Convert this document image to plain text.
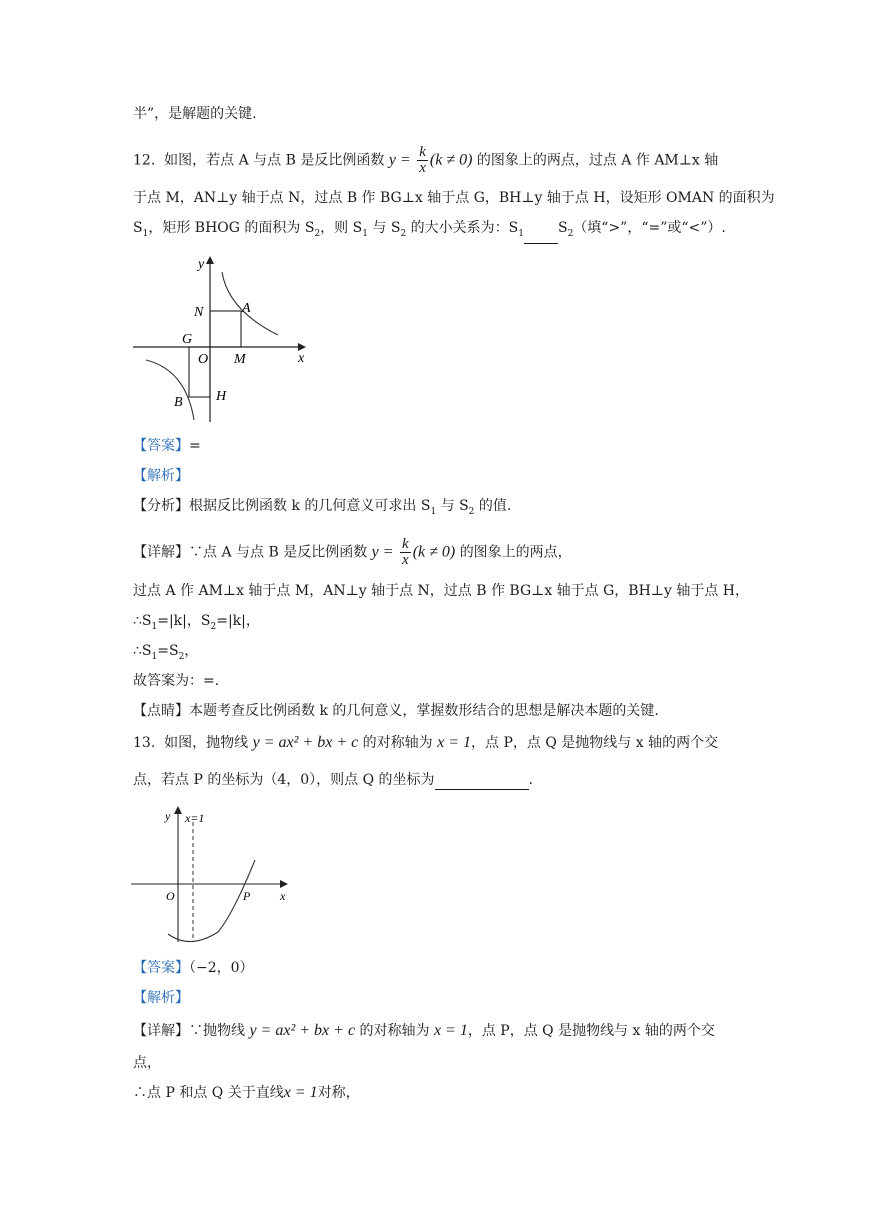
半”，是解题的关键.
12. 如图，若点 A 与点 B 是反比例函数 $y = \frac{k}{x} (k \ne 0)$ 的图象上的两点，过点 A 作 AM⊥x 轴
于点 M，AN⊥y 轴于点 N，过点 B 作 BG⊥x 轴于点 G，BH⊥y 轴于点 H，设矩形 OMAN 的面积为
$S_1$，矩形 BHOG 的面积为 $S_2$，则 $S_1$ 与 $S_2$ 的大小关系为：$S_1$ $S_2$（填“>”，“=”或“<”）.
y
x
N	A
G
O M
B H
【答案】=
【解析】
【分析】根据反比例函数 k 的几何意义可求出 $S_1$ 与 $S_2$ 的值.
【详解】∵点 A 与点 B 是反比例函数 $y = \frac{k}{x} (k \ne 0)$ 的图象上的两点，
过点 A 作 AM⊥x 轴于点 M，AN⊥y 轴于点 N，过点 B 作 BG⊥x 轴于点 G，BH⊥y 轴于点 H，
$\therefore S_1=|k|$，$S_2=|k|$，
$\therefore S_1=S_2$，
故答案为：=.
【点睛】本题考查反比例函数 k 的几何意义，掌握数形结合的思想是解决本题的关键.
13. 如图，抛物线 y = ax² + bx + c 的对称轴为 x = 1，点 P，点 Q 是抛物线与 x 轴的两个交
点，若点 P 的坐标为（4，0），则点 Q 的坐标为	.
y x=1
O	P x
【答案】（−2，0）
【解析】
【详解】∵抛物线 y = ax² + bx + c 的对称轴为 x = 1，点 P，点 Q 是抛物线与 x 轴的两个交
点，
∴点 P 和点 Q 关于直线x = 1对称，
